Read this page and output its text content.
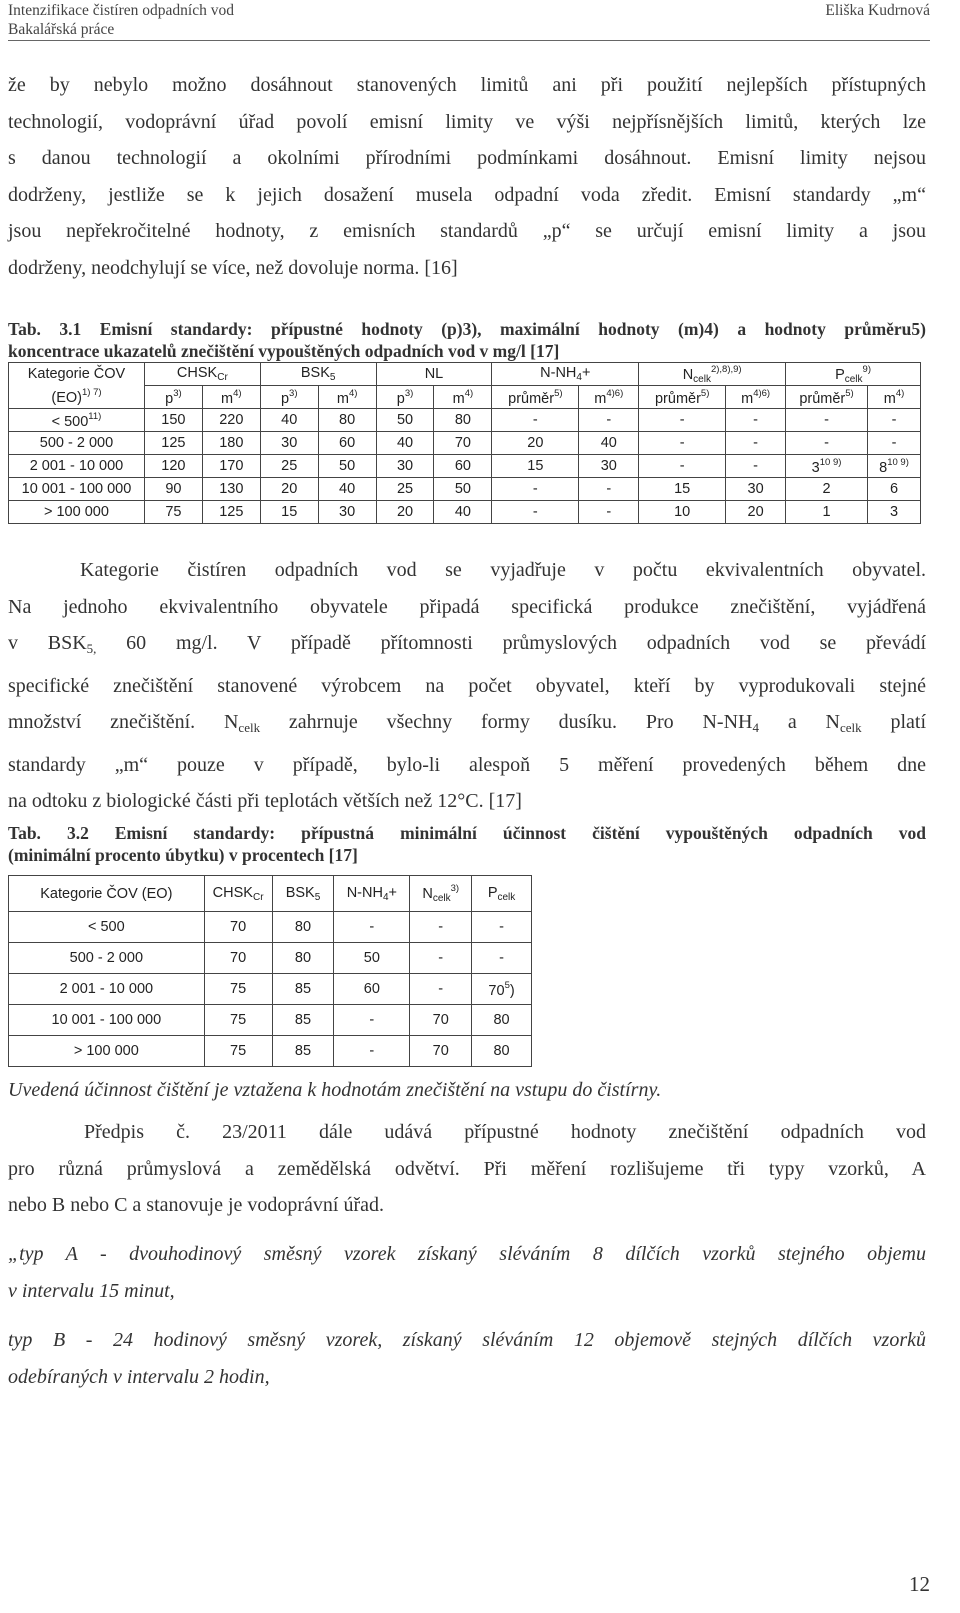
Intenzifikace čistíren odpadních vod
Bakalářská práce
Eliška Kudrnová
že by nebylo možno dosáhnout stanovených limitů ani při použití nejlepších přístupných
technologií, vodoprávní úřad povolí emisní limity ve výši nejpřísnějších limitů, kterých lze
s danou technologií a okolními přírodními podmínkami dosáhnout. Emisní limity nejsou
dodrženy, jestliže se k jejich dosažení musela odpadní voda zředit. Emisní standardy „m“
jsou nepřekročitelné hodnoty, z emisních standardů „p“ se určují emisní limity a jsou
dodrženy, neodchylují se více, než dovoluje norma. [16]
Tab. 3.1 Emisní standardy: přípustné hodnoty (p)3), maximální hodnoty (m)4) a hodnoty průměru5)
koncentrace ukazatelů znečištění vypouštěných odpadních vod v mg/l [17]
Kategorie ČOV	$CHSK_{Cr}$		$BSK_5$		NL		$N-NH_4+$		$N_{celk}^{2),8),9)}$		$P_{celk}^{9)}$
(EO)$^{1) 7)}$	$p^{3)}$	$m^{4)}$	$p^{3)}$	$m^{4)}$	$p^{3)}$	$m^{4)}$	průměr$^{5)}$	$m^{4)6)}$	průměr$^{5)}$	$m^{4)6)}$	průměr$^{5)}$	$m^{4)}$
< $500^{11)}$	150	220	40	80	50	80	-	-	-	-	-	-
500 - 2 000	125	180	30	60	40	70	20	40	-	-	-	-
2 001 - 10 000	120	170	25	50	30	60	15	30	-	-	$3^{10 9)}$	$8^{10 9)}$
10 001 - 100 000	90	130	20	40	25	50	-	-	15	30	2	6
> 100 000	75	125	15	30	20	40	-	-	10	20	1	3
Kategorie čistíren odpadních vod se vyjadřuje v počtu ekvivalentních obyvatel.
Na jednoho ekvivalentního obyvatele připadá specifická produkce znečištění, vyjádřená
v $BSK_{5,}$ 60 mg/l. V případě přítomnosti průmyslových odpadních vod se převádí
specifické znečištění stanovené výrobcem na počet obyvatel, kteří by vyprodukovali stejné
množství znečištění. $N_{celk}$ zahrnuje všechny formy dusíku. Pro $N-NH_4$ a $N_{celk}$ platí
standardy „m“ pouze v případě, bylo-li alespoň 5 měření provedených během dne
na odtoku z biologické části při teplotách větších než 12°C. [17]
Tab. 3.2 Emisní standardy: přípustná minimální účinnost čištění vypouštěných odpadních vod
(minimální procento úbytku) v procentech [17]
Kategorie ČOV (EO)	$CHSK_{Cr}$	$BSK_5$	$N-NH_4+$	$N_{celk}^{3)}$	$P_{celk}$
< 500	70	80	-	-	-
500 - 2 000	70	80	50	-	-
2 001 - 10 000	75	85	60	-	$70^5$)
10 001 - 100 000	75	85	-	70	80
> 100 000	75	85	-	70	80
Uvedená účinnost čištění je vztažena k hodnotám znečištění na vstupu do čistírny.
Předpis č. 23/2011 dále udává přípustné hodnoty znečištění odpadních vod
pro různá průmyslová a zemědělská odvětví. Při měření rozlišujeme tři typy vzorků, A
nebo B nebo C a stanovuje je vodoprávní úřad.
„typ A - dvouhodinový směsný vzorek získaný sléváním 8 dílčích vzorků stejného objemu
v intervalu 15 minut,
typ B - 24 hodinový směsný vzorek, získaný sléváním 12 objemově stejných dílčích vzorků
odebíraných v intervalu 2 hodin,
12
